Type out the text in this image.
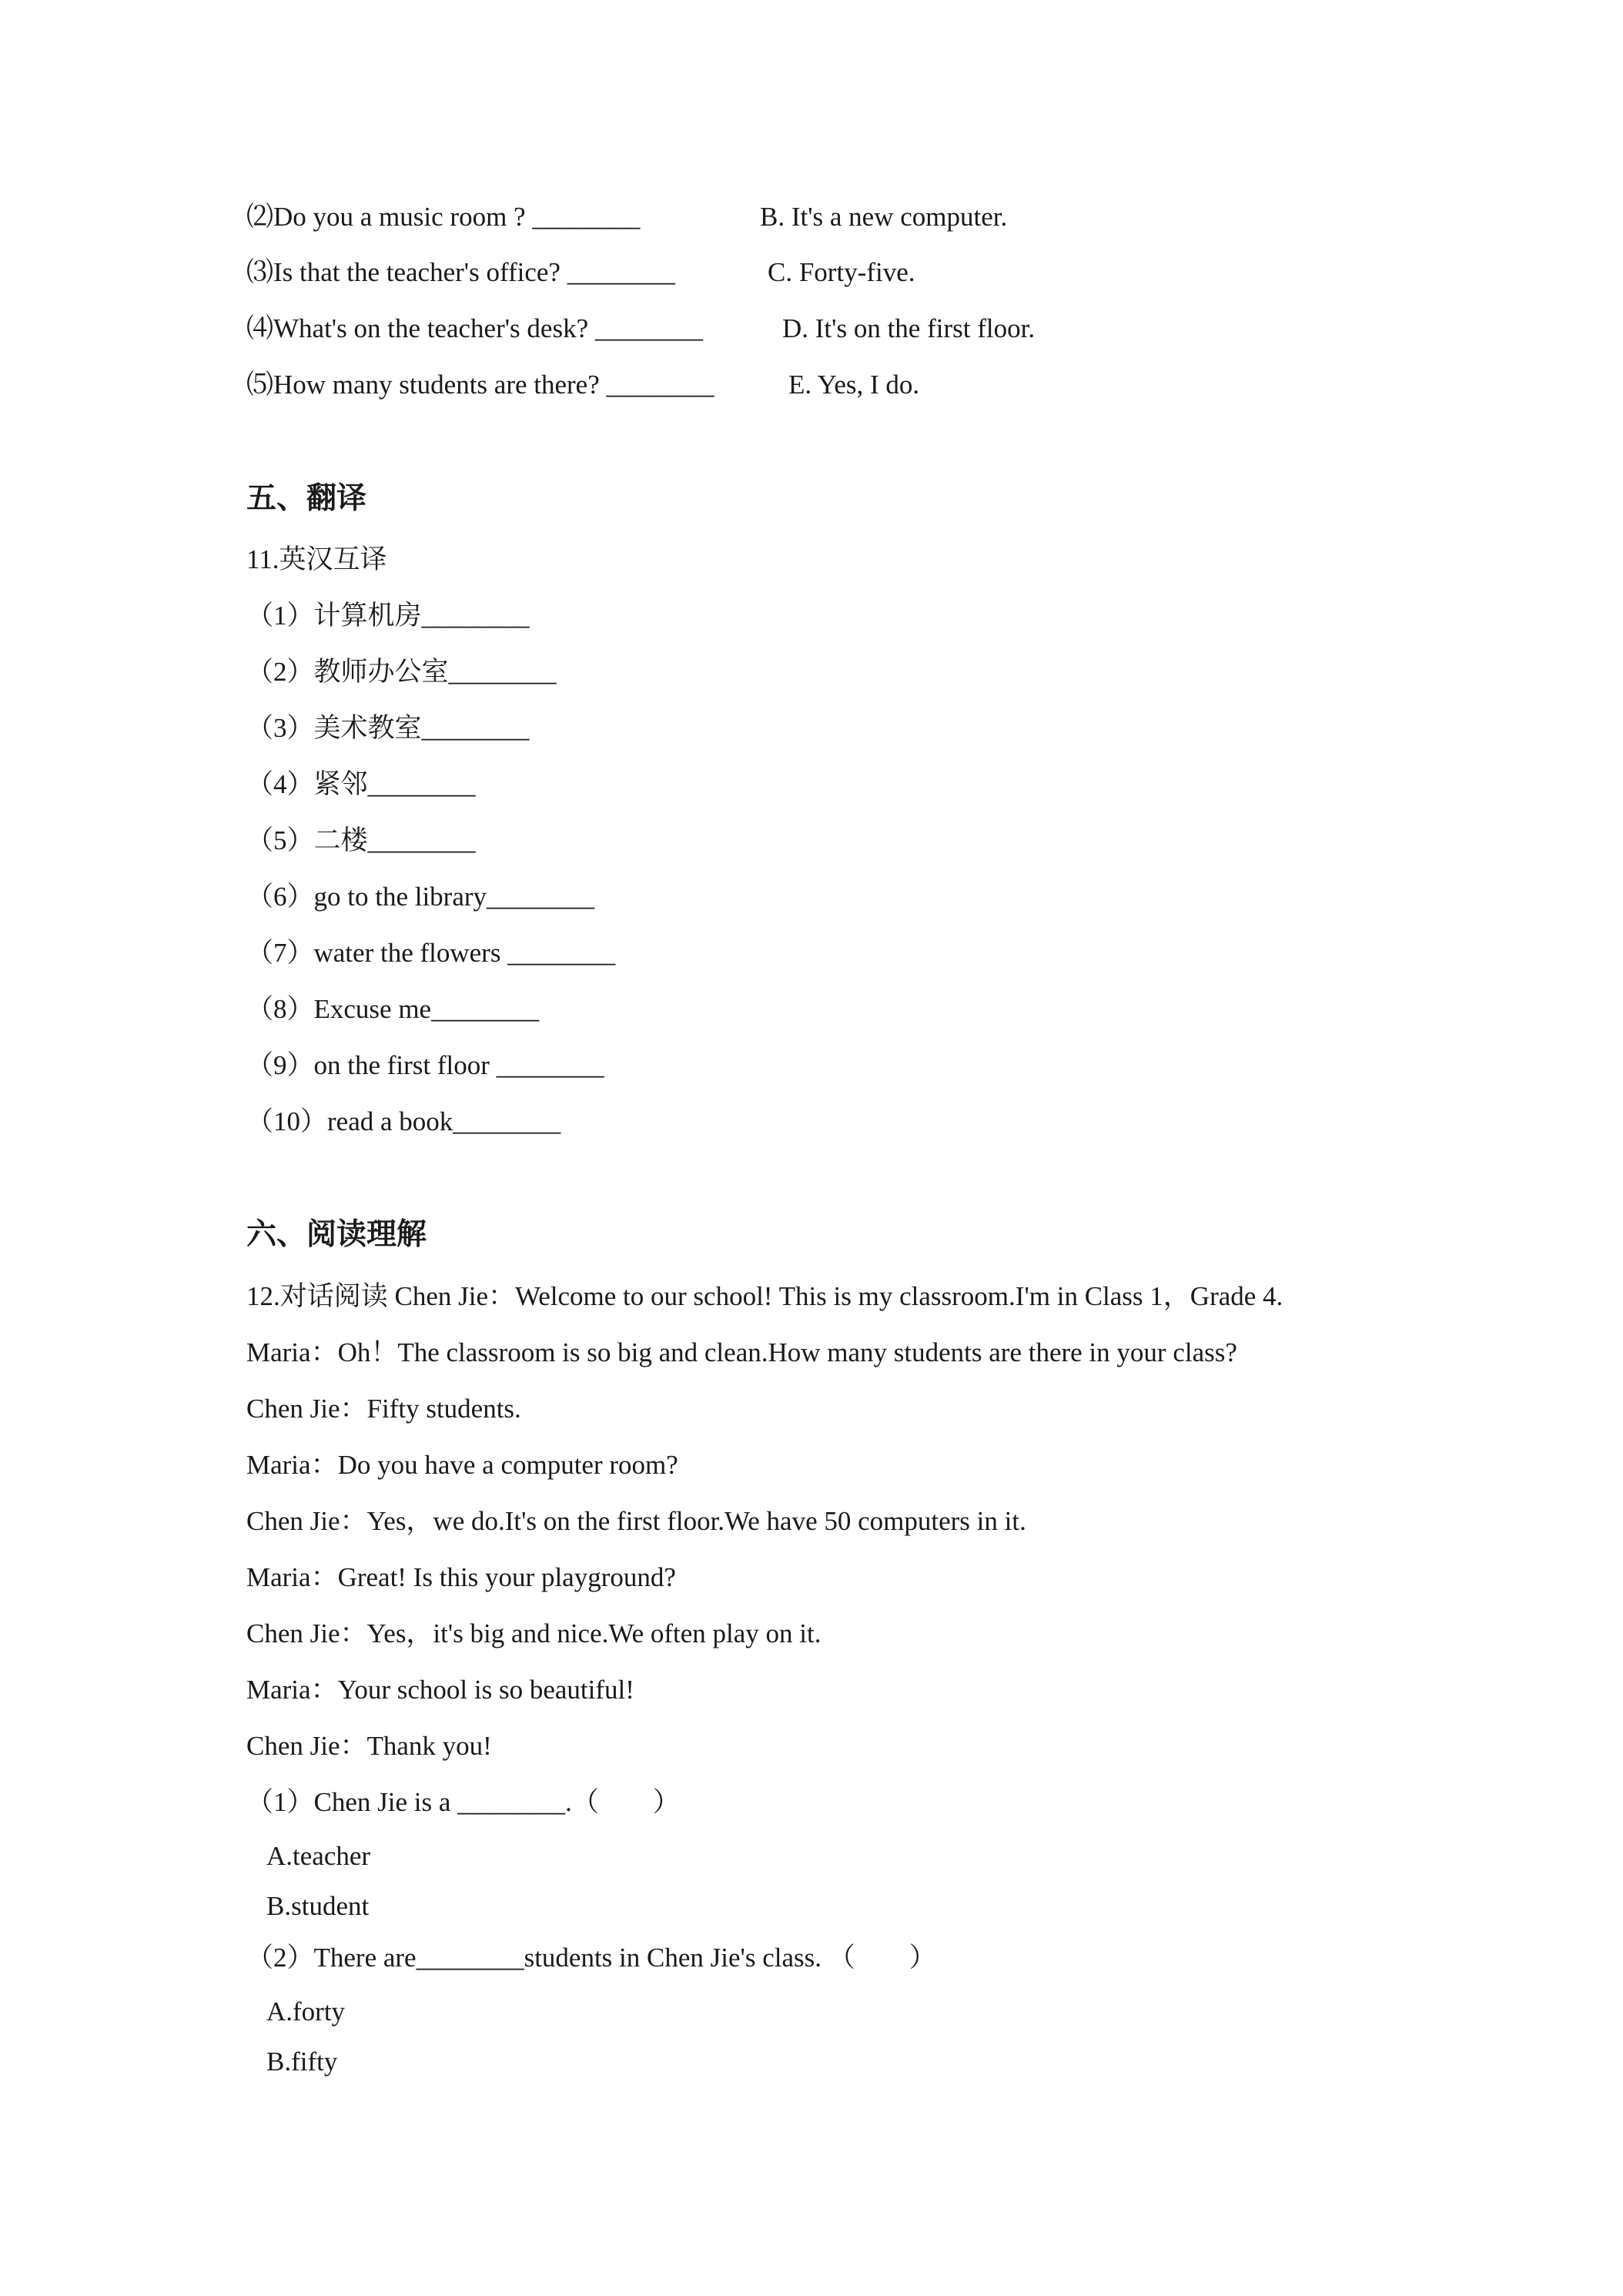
⑵Do you a music room ? ________	B. It's a new computer.
⑶Is that the teacher's office? ________	C. Forty-five.
⑷What's on the teacher's desk? ________	D. It's on the first floor.
⑸How many students are there? ________	E. Yes, I do.
五、翻译
11.英汉互译
（1）计算机房________
（2）教师办公室________
（3）美术教室________
（4）紧邻________
（5）二楼________
（6）go to the library________
（7）water the flowers ________
（8）Excuse me________
（9）on the first floor ________
（10）read a book________
六、阅读理解
12.对话阅读 Chen Jie：Welcome to our school! This is my classroom.I'm in Class 1，Grade 4.
Maria：Oh！The classroom is so big and clean.How many students are there in your class?
Chen Jie：Fifty students.
Maria：Do you have a computer room?
Chen Jie：Yes，we do.It's on the first floor.We have 50 computers in it.
Maria：Great! Is this your playground?
Chen Jie：Yes，it's big and nice.We often play on it.
Maria：Your school is so beautiful!
Chen Jie：Thank you!
（1）Chen Jie is a ________.（　　）
A.teacher
B.student
（2）There are________students in Chen Jie's class. （　　）
A.forty
B.fifty
